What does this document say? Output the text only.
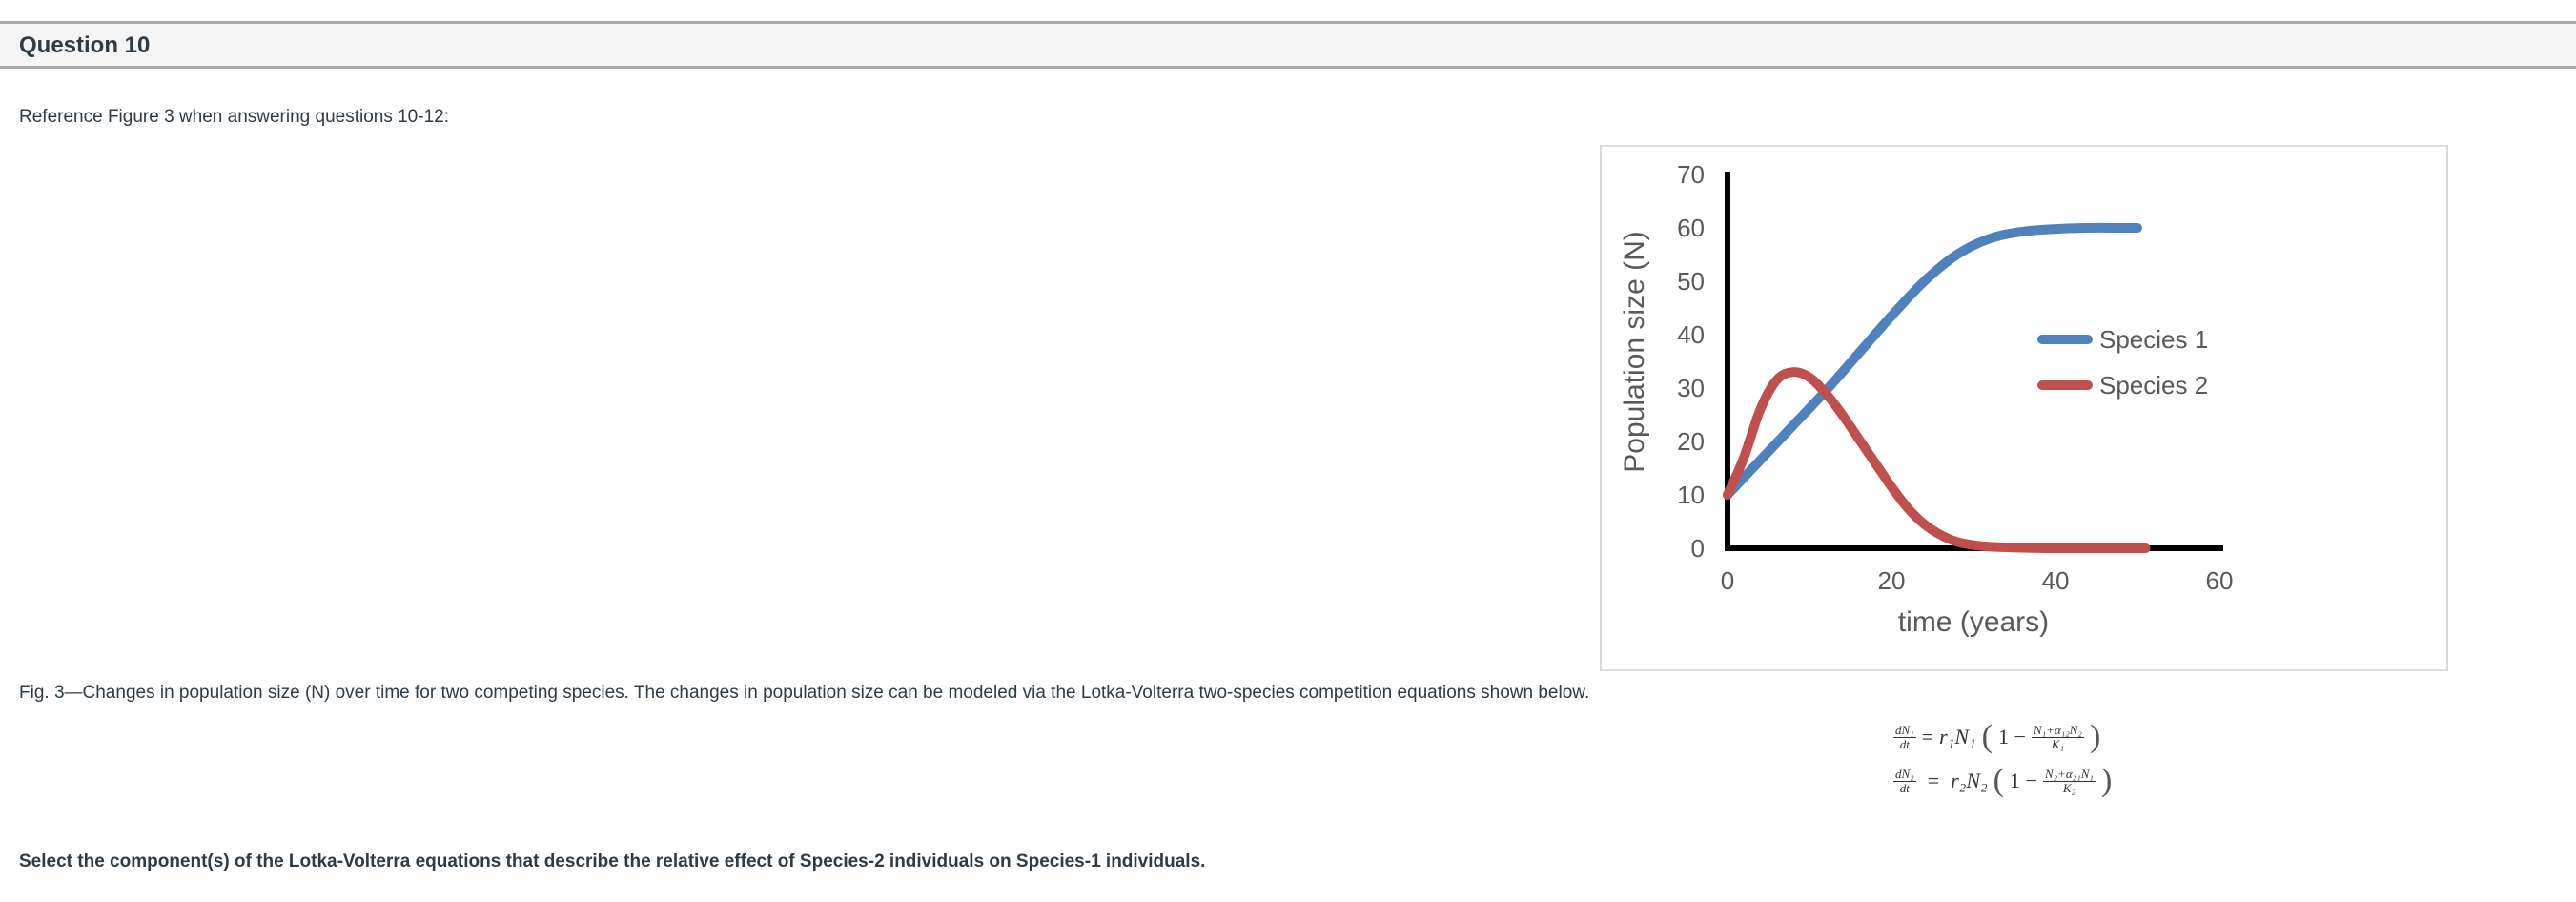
Question 10
Reference Figure 3 when answering questions 10-12:
0
10
20
30
40
50
60
70
0	20	40	60
time (years)
Population size (N)	Species 1
Species 2
Fig. 3—Changes in population size (N) over time for two competing species. The changes in population size can be modeled via the Lotka-Volterra two-species competition equations shown below.
$\frac{\text{dN₁}}{dt} = r_1N_1$ ( $1 - \frac{\text{N₁+α₁₂N₂}}{\text{K₁}}$ )
$\frac{\text{dN₂}}{dt} = r_2N_2$ ( $1 - \frac{\text{N₂+α₂₁N₁}}{\text{K₂}}$ )
Select the component(s) of the Lotka-Volterra equations that describe the relative effect of Species-2 individuals on Species-1 individuals.
